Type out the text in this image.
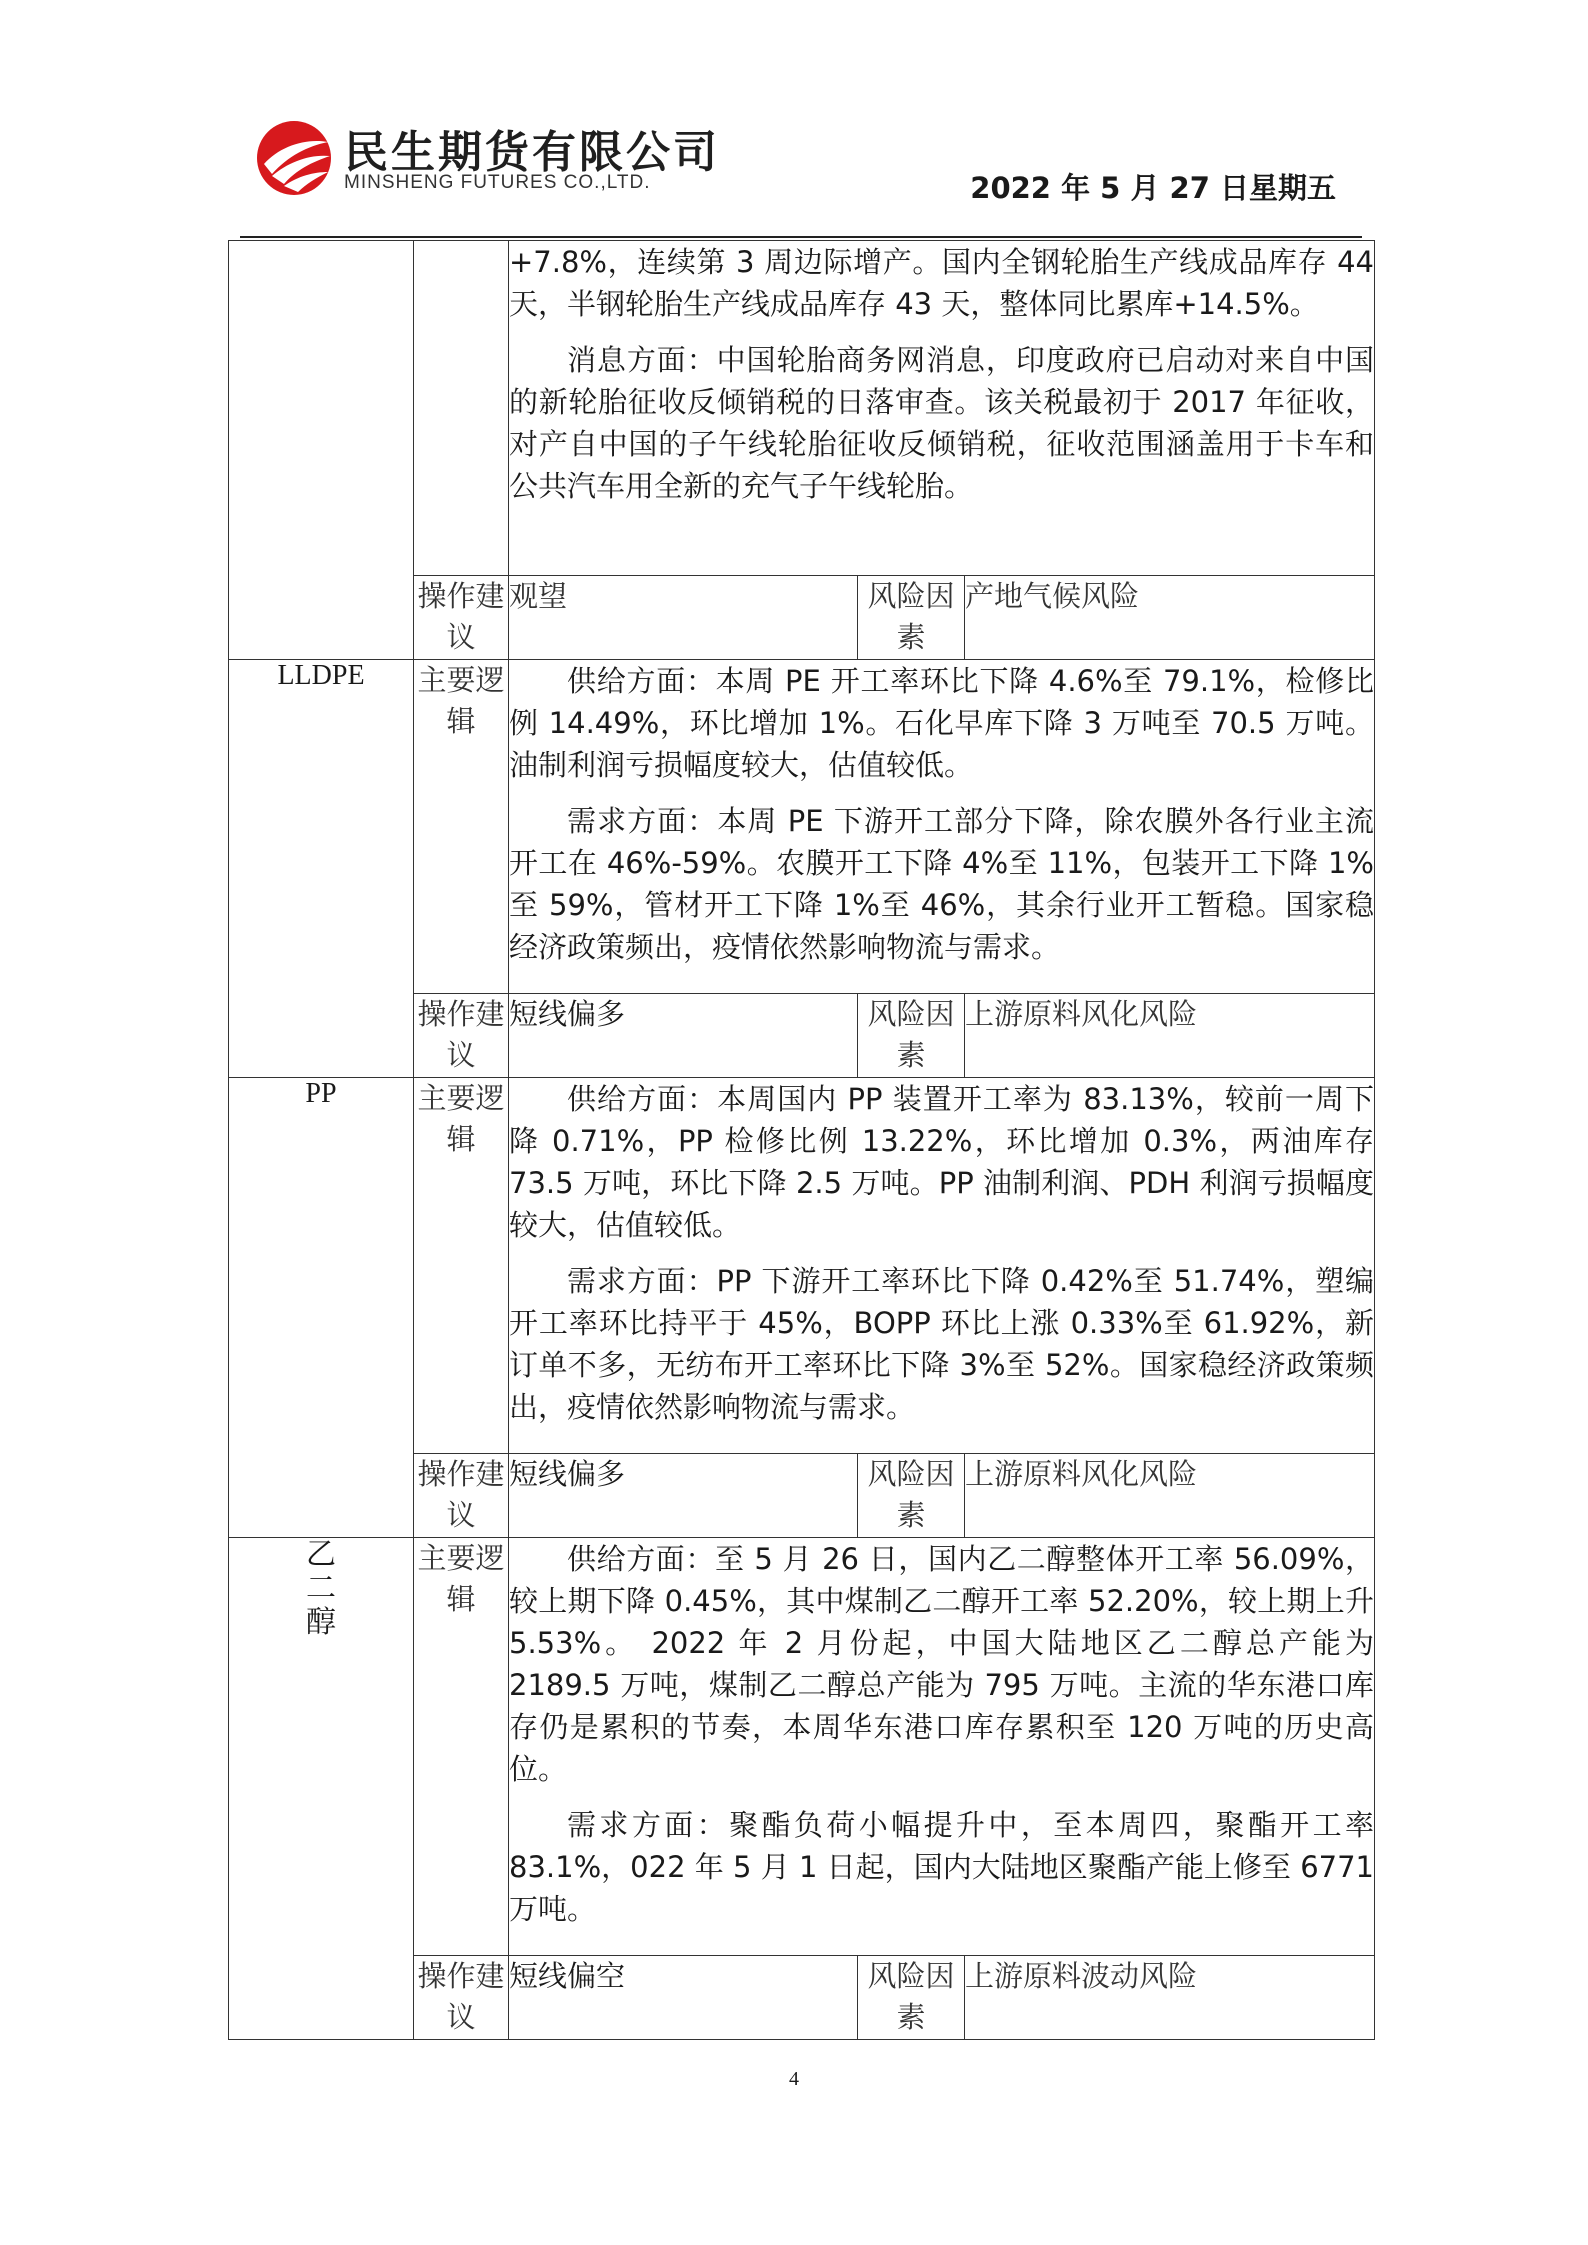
民生期货有限公司
MINSHENG FUTURES CO.,LTD.	2022 年 5 月 27 日星期五

		+7.8%，连续第 3 周边际增产。国内全钢轮胎生产线成品库存 44 天，半钢轮胎生产线成品库存 43 天，整体同比累库+14.5%。

消息方面：中国轮胎商务网消息，印度政府已启动对来自中国的新轮胎征收反倾销税的日落审查。该关税最初于 2017 年征收，对产自中国的子午线轮胎征收反倾销税，征收范围涵盖用于卡车和公共汽车用全新的充气子午线轮胎。		

	操作建议	观望	风险因素	产地气候风险
LLDPE	主要逻辑	供给方面：本周 PE 开工率环比下降 4.6%至 79.1%，检修比例 14.49%，环比增加 1%。石化早库下降 3 万吨至 70.5 万吨。油制利润亏损幅度较大，估值较低。

需求方面：本周 PE 下游开工部分下降，除农膜外各行业主流开工在 46%-59%。农膜开工下降 4%至 11%，包装开工下降 1%至 59%，管材开工下降 1%至 46%，其余行业开工暂稳。国家稳经济政策频出，疫情依然影响物流与需求。		

	操作建议	短线偏多	风险因素	上游原料风化风险
PP	主要逻辑	供给方面：本周国内 PP 装置开工率为 83.13%，较前一周下降 0.71%，PP 检修比例 13.22%，环比增加 0.3%，两油库存 73.5 万吨，环比下降 2.5 万吨。PP 油制利润、PDH 利润亏损幅度较大，估值较低。

需求方面：PP 下游开工率环比下降 0.42%至 51.74%，塑编开工率环比持平于 45%，BOPP 环比上涨 0.33%至 61.92%，新订单不多，无纺布开工率环比下降 3%至 52%。国家稳经济政策频出，疫情依然影响物流与需求。		

	操作建议	短线偏多	风险因素	上游原料风化风险
乙二醇	主要逻辑	供给方面：至 5 月 26 日，国内乙二醇整体开工率 56.09%，较上期下降 0.45%，其中煤制乙二醇开工率 52.20%，较上期上升 5.53%。 2022 年 2 月份起，中国大陆地区乙二醇总产能为 2189.5 万吨，煤制乙二醇总产能为 795 万吨。主流的华东港口库存仍是累积的节奏，本周华东港口库存累积至 120 万吨的历史高位。

需求方面：聚酯负荷小幅提升中，至本周四，聚酯开工率 83.1%，022 年 5 月 1 日起，国内大陆地区聚酯产能上修至 6771 万吨。		

	操作建议	短线偏空	风险因素	上游原料波动风险
4
